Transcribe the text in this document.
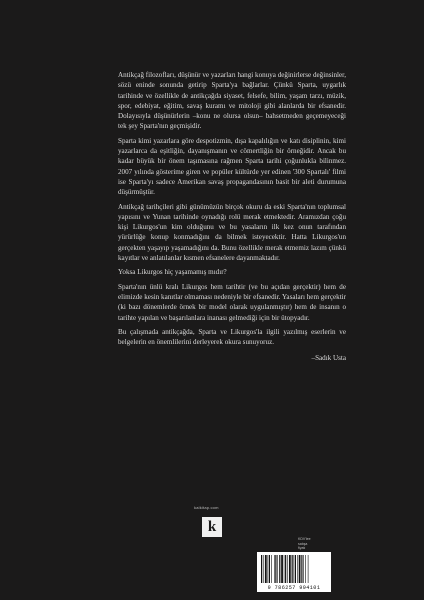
Antikçağ filozofları, düşünür ve yazarları hangi konuya değinirlerse değinsinler, sözü eninde sonunda getirip Sparta'ya bağlarlar. Çünkü Sparta, uygarlık tarihinde ve özellikle de antikçağda siyaset, felsefe, bilim, yaşam tarzı, müzik, spor, edebiyat, eğitim, savaş kuramı ve mitoloji gibi alanlarda bir efsanedir. Dolayısıyla düşünürlerin –konu ne olursa olsun– bahsetmeden geçemeyeceği tek şey Sparta'nın geçmişidir.

Sparta kimi yazarlara göre despotizmin, dışa kapalılığın ve katı disiplinin, kimi yazarlarca da eşitliğin, dayanışmanın ve cömertliğin bir örneğidir. Ancak bu kadar büyük bir önem taşımasına rağmen Sparta tarihi çoğunlukla bilinmez. 2007 yılında gösterime giren ve popüler kültürde yer edinen '300 Spartalı' filmi ise Sparta'yı sadece Amerikan savaş propagandasının basit bir aleti durumuna düşürmüştür.

Antikçağ tarihçileri gibi günümüzün birçok okuru da eski Sparta'nın toplumsal yapısını ve Yunan tarihinde oynadığı rolü merak etmektedir. Aramızdan çoğu kişi Likurgos'un kim olduğunu ve bu yasaların ilk kez onun tarafından yürürlüğe konup konmadığını da bilmek isteyecektir. Hatta Likurgos'un gerçekten yaşayıp yaşamadığını da. Bunu özellikle merak etmemiz lazım çünkü kayıtlar ve anlatılanlar kısmen efsanelere dayanmaktadır.

Yoksa Likurgos hiç yaşamamış mıdır?

Sparta'nın ünlü kralı Likurgos hem tarihtir (ve bu açıdan gerçektir) hem de elimizde kesin kanıtlar olmaması nedeniyle bir efsanedir. Yasaları hem gerçektir (ki bazı dönemlerde örnek bir model olarak uygulanmıştır) hem de insanın o tarihte yapılan ve başarılanlara inanası gelmediği için bir ütopyadır.

Bu çalışmada antikçağda, Sparta ve Likurgos'la ilgili yazılmış eserlerin ve belgelerin en önemlilerini derleyerek okura sunuyoruz.

–Sadık Usta
kalkitap.com
k
KDV'lee
satışa
fiyatı
9 786257 994101
